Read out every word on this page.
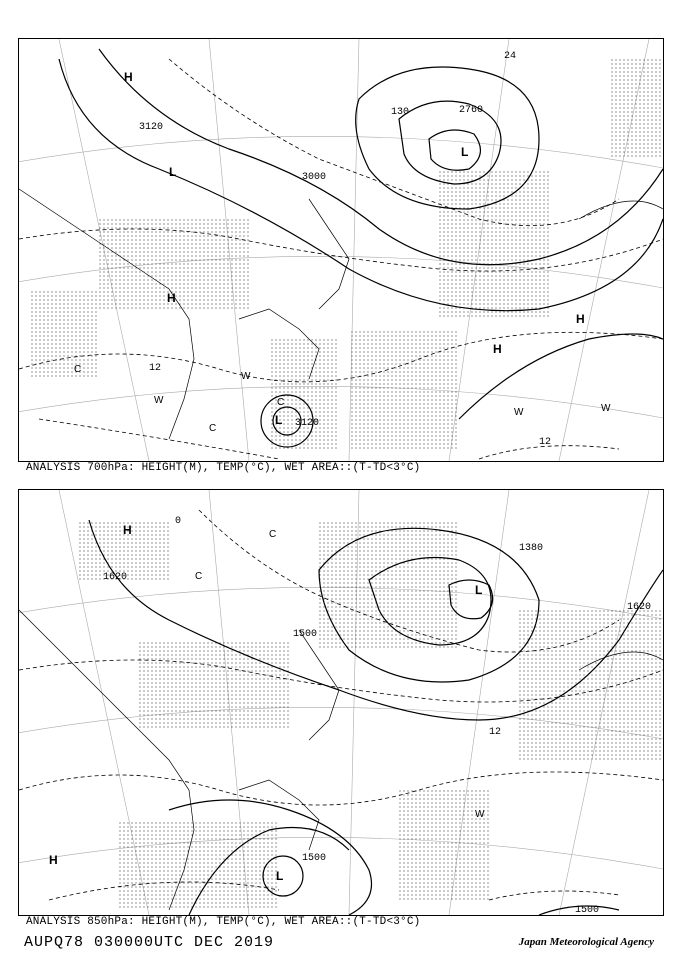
3120
3000
2760
3120
12
24
130
12
H
L
L
H
H
H
L
W
W
W	W
C
C
C
ANALYSIS 700hPa: HEIGHT(M), TEMP(°C), WET AREA::(T-TD<3°C)
1620
1500
1380
1620
1500
1500
12
0
H
H
L
L
W
C
C
ANALYSIS 850hPa: HEIGHT(M), TEMP(°C), WET AREA::(T-TD<3°C)
AUPQ78 030000UTC DEC 2019	Japan Meteorological Agency
